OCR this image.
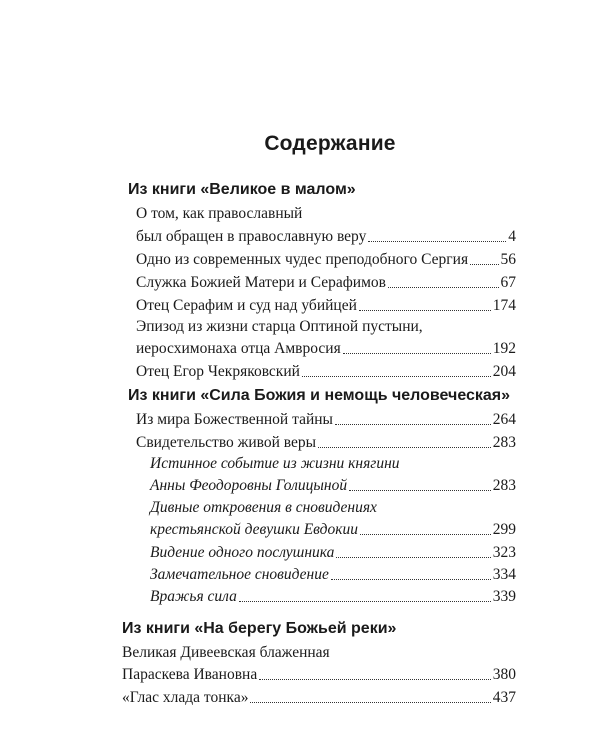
Содержание
Из книги «Великое в малом»
О том, как православный
был обращен в православную веру	4
Одно из современных чудес преподобного Сергия 56
Служка Божией Матери и Серафимов	67
Отец Серафим и суд над убийцей	174
Эпизод из жизни старца Оптиной пустыни,
иеросхимонаха отца Амвросия	192
Отец Егор Чекряковский	204
Из книги «Сила Божия и немощь человеческая»
Из мира Божественной тайны	264
Свидетельство живой веры	283
Истинное событие из жизни княгини
Анны Феодоровны Голицыной	283
Дивные откровения в сновидениях
крестьянской девушки Евдокии	299
Видение одного послушника	323
Замечательное сновидение	334
Вражья сила	339
Из книги «На берегу Божьей реки»
Великая Дивеевская блаженная
Параскева Ивановна	380
«Глас хлада тонка»	437
